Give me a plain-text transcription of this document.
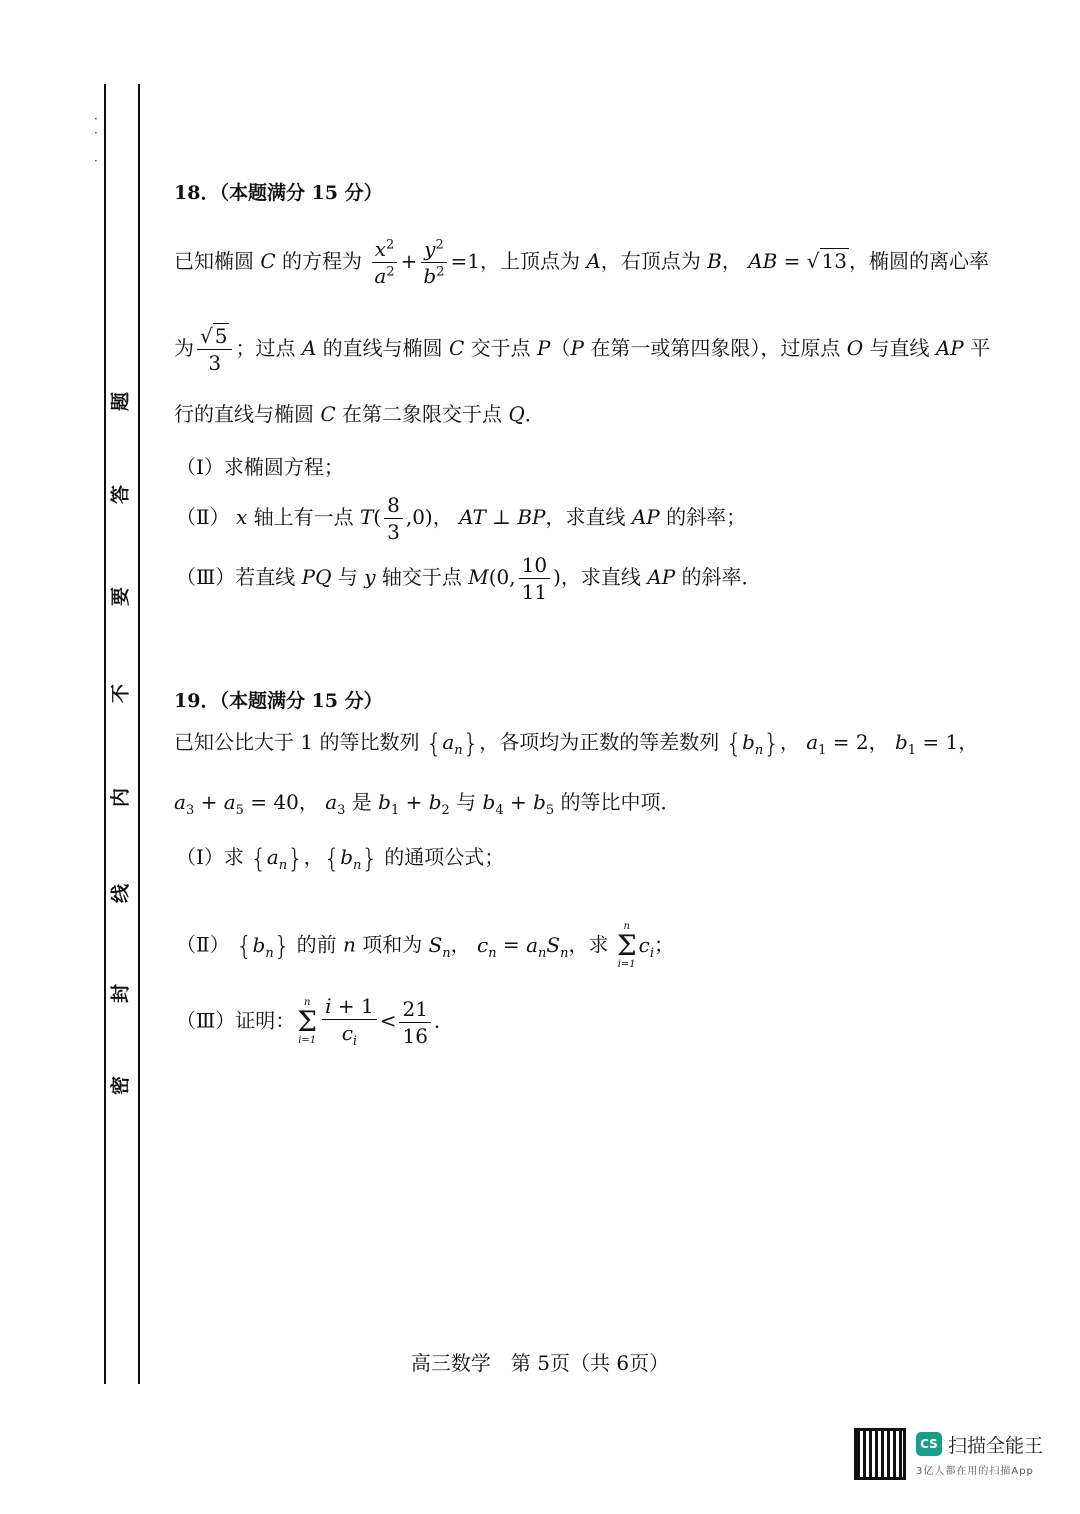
·
·

·
题
答
要
不
内
线
封
密
18．（本题满分 15 分）
已知椭圆 C 的方程为 $\frac{x^2}{a^2} + \frac{y^2}{b^2} =1$，上顶点为 A，右顶点为 B， AB = √ 13 ，椭圆的离心率
为 $\frac{√ 5}{3}$ ；过点 A 的直线与椭圆 C 交于点 P（P 在第一或第四象限），过原点 O 与直线 AP 平
行的直线与椭圆 C 在第二象限交于点 Q．
（Ⅰ）求椭圆方程；
（Ⅱ） x 轴上有一点 $T( \frac{8}{3} ,0)$， AT ⊥ BP，求直线 AP 的斜率；
（Ⅲ）若直线 PQ 与 y 轴交于点 M(0, $\frac{10}{11}$ )，求直线 AP 的斜率．
19．（本题满分 15 分）
已知公比大于 1 的等比数列 $\{a_n\}$，各项均为正数的等差数列 $\{b_n\}$， $a_1 = 2$， $b_1 = 1$，
$a_3 + a_5 = 40$， $a_3$ 是 $b_1 + b_2$ 与 $b_4 + b_5$ 的等比中项．
（Ⅰ）求 $\{a_n\}$，$\{b_n\}$ 的通项公式；
（Ⅱ） $\{b_n\}$ 的前 n 项和为 $S_n$， $c_n = a_nS_n$，求
n
Σ
i=1
$c_i$；
（Ⅲ）证明：
n
Σ
$i=1 \frac{i + 1}{c_i} < \frac{21}{16}$ ．
高三数学　第 5页（共 6页）
CS 扫描全能王
3亿人都在用的扫描App
